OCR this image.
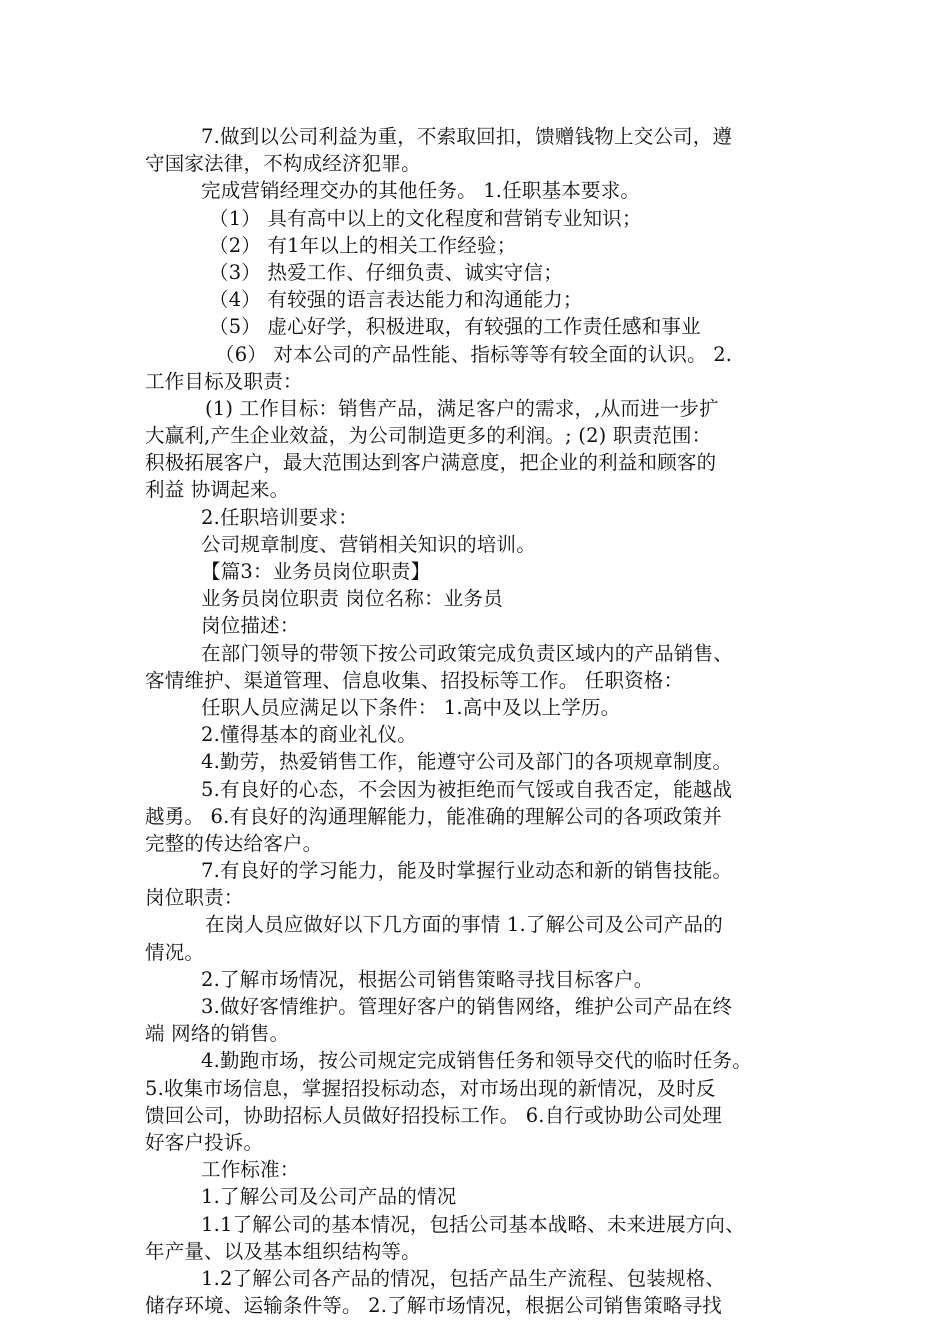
7.做到以公司利益为重，不索取回扣，馈赠钱物上交公司，遵
守国家法律，不构成经济犯罪。
完成营销经理交办的其他任务。 1.任职基本要求。
（1） 具有高中以上的文化程度和营销专业知识；
（2） 有1年以上的相关工作经验；
（3） 热爱工作、仔细负责、诚实守信；
（4） 有较强的语言表达能力和沟通能力；
（5） 虚心好学，积极进取，有较强的工作责任感和事业
（6） 对本公司的产品性能、指标等等有较全面的认识。 2.
工作目标及职责：
(1) 工作目标：销售产品，满足客户的需求，,从而进一步扩
大赢利,产生企业效益，为公司制造更多的利润。; (2) 职责范围：
积极拓展客户，最大范围达到客户满意度，把企业的利益和顾客的
利益 协调起来。
2.任职培训要求：
公司规章制度、营销相关知识的培训。
【篇3：业务员岗位职责】
业务员岗位职责 岗位名称：业务员
岗位描述：
在部门领导的带领下按公司政策完成负责区域内的产品销售、
客情维护、渠道管理、信息收集、招投标等工作。 任职资格：
任职人员应满足以下条件： 1.高中及以上学历。
2.懂得基本的商业礼仪。
4.勤劳，热爱销售工作，能遵守公司及部门的各项规章制度。
5.有良好的心态，不会因为被拒绝而气馁或自我否定，能越战
越勇。 6.有良好的沟通理解能力，能准确的理解公司的各项政策并
完整的传达给客户。
7.有良好的学习能力，能及时掌握行业动态和新的销售技能。
岗位职责：
在岗人员应做好以下几方面的事情 1.了解公司及公司产品的
情况。
2.了解市场情况，根据公司销售策略寻找目标客户。
3.做好客情维护。管理好客户的销售网络，维护公司产品在终
端 网络的销售。
4.勤跑市场，按公司规定完成销售任务和领导交代的临时任务。
5.收集市场信息，掌握招投标动态，对市场出现的新情况，及时反
馈回公司，协助招标人员做好招投标工作。 6.自行或协助公司处理
好客户投诉。
工作标准：
1.了解公司及公司产品的情况
1.1了解公司的基本情况，包括公司基本战略、未来进展方向、
年产量、以及基本组织结构等。
1.2了解公司各产品的情况，包括产品生产流程、包装规格、
储存环境、运输条件等。 2.了解市场情况，根据公司销售策略寻找
